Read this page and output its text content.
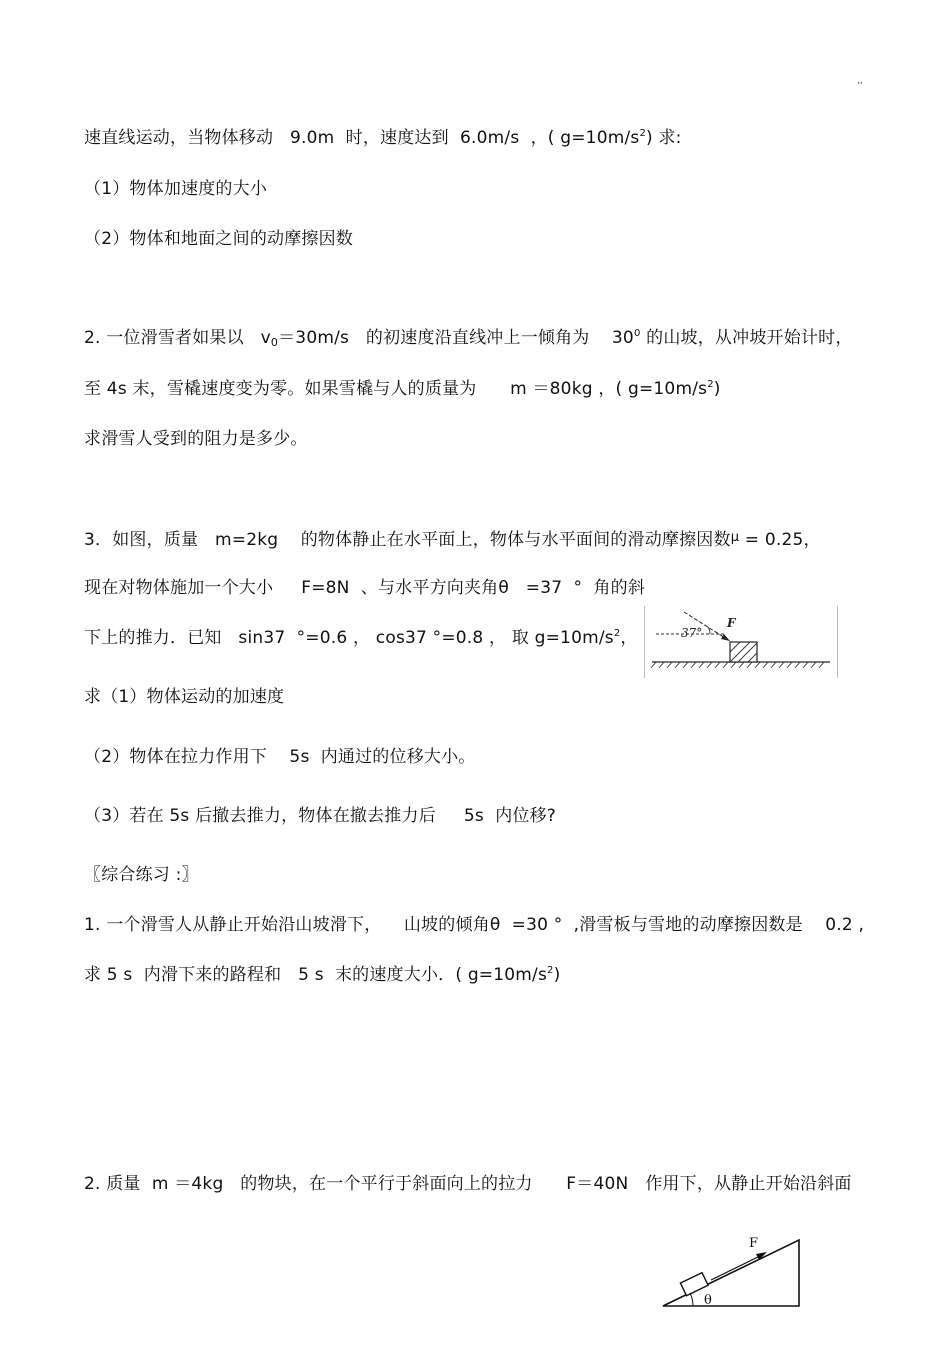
,,
速直线运动，当物体移动   9.0m  时，速度达到  6.0m/s  ，( $g=10m/s^2$) 求:
（1）物体加速度的大小
（2）物体和地面之间的动摩擦因数
2. 一位滑雪者如果以   $v_0=30m/s$   的初速度沿直线冲上一倾角为    $30^0$ 的山坡，从冲坡开始计时，
至 4s 末，雪橇速度变为零。如果雪橇与人的质量为      m ＝80kg ，( $g=10m/s^2$)
求滑雪人受到的阻力是多少。
3．如图，质量   m=2kg    的物体静止在水平面上，物体与水平面间的滑动摩擦因数$^\mu$ = 0.25，
现在对物体施加一个大小     F=8N  、与水平方向夹角θ   =37  °  角的斜
下上的推力．已知   sin37  °=0.6 ， cos37 °=0.8 ， 取 $g=10m/s^2$，
求（1）物体运动的加速度
（2）物体在拉力作用下    5s  内通过的位移大小。
（3）若在 5s 后撤去推力，物体在撤去推力后     5s  内位移?
〖综合练习 :〗
1. 一个滑雪人从静止开始沿山坡滑下，    山坡的倾角θ  =30 °  ,滑雪板与雪地的动摩擦因数是    0.2 ,
求 5 s  内滑下来的路程和   5 s  末的速度大小．( $g=10m/s^2$)
2. 质量  m ＝4kg   的物块，在一个平行于斜面向上的拉力      F＝40N   作用下，从静止开始沿斜面
37°
F
F
θ
